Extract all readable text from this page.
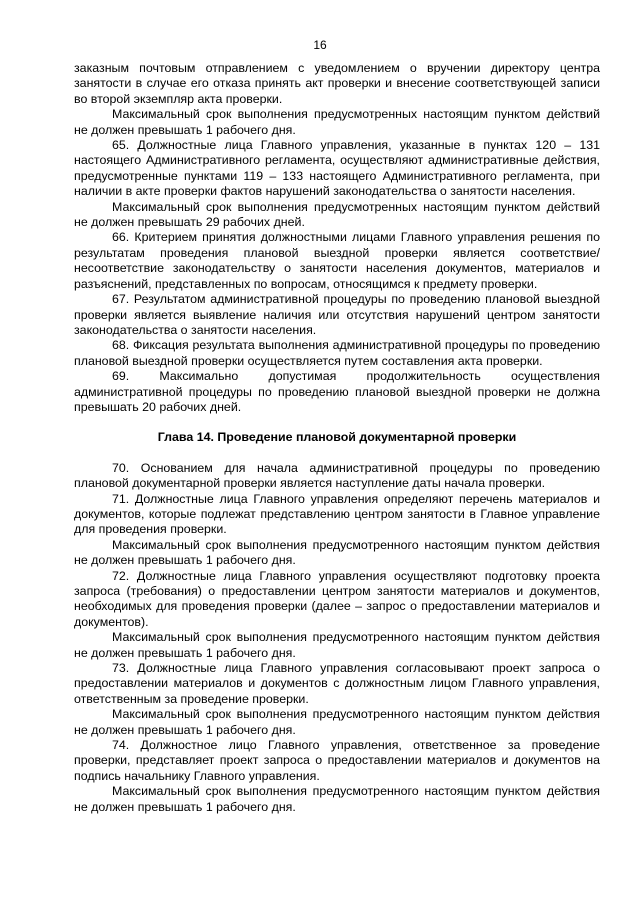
16

заказным почтовым отправлением с уведомлением о вручении директору центра занятости в случае его отказа принять акт проверки и внесение соответствующей записи во второй экземпляр акта проверки.

Максимальный срок выполнения предусмотренных настоящим пунктом действий не должен превышать 1 рабочего дня.

65. Должностные лица Главного управления, указанные в пунктах 120 – 131 настоящего Административного регламента, осуществляют административные действия, предусмотренные пунктами 119 – 133 настоящего Административного регламента, при наличии в акте проверки фактов нарушений законодательства о занятости населения.

Максимальный срок выполнения предусмотренных настоящим пунктом действий не должен превышать 29 рабочих дней.

66. Критерием принятия должностными лицами Главного управления решения по результатам проведения плановой выездной проверки является соответствие/несоответствие законодательству о занятости населения документов, материалов и разъяснений, представленных по вопросам, относящимся к предмету проверки.

67. Результатом административной процедуры по проведению плановой выездной проверки является выявление наличия или отсутствия нарушений центром занятости законодательства о занятости населения.

68. Фиксация результата выполнения административной процедуры по проведению плановой выездной проверки осуществляется путем составления акта проверки.

69. Максимально допустимая продолжительность осуществления административной процедуры по проведению плановой выездной проверки не должна превышать 20 рабочих дней.

Глава 14. Проведение плановой документарной проверки

70. Основанием для начала административной процедуры по проведению плановой документарной проверки является наступление даты начала проверки.

71. Должностные лица Главного управления определяют перечень материалов и документов, которые подлежат представлению центром занятости в Главное управление для проведения проверки.

Максимальный срок выполнения предусмотренного настоящим пунктом действия не должен превышать 1 рабочего дня.

72. Должностные лица Главного управления осуществляют подготовку проекта запроса (требования) о предоставлении центром занятости материалов и документов, необходимых для проведения проверки (далее – запрос о предоставлении материалов и документов).

Максимальный срок выполнения предусмотренного настоящим пунктом действия не должен превышать 1 рабочего дня.

73. Должностные лица Главного управления согласовывают проект запроса о предоставлении материалов и документов с должностным лицом Главного управления, ответственным за проведение проверки.

Максимальный срок выполнения предусмотренного настоящим пунктом действия не должен превышать 1 рабочего дня.

74. Должностное лицо Главного управления, ответственное за проведение проверки, представляет проект запроса о предоставлении материалов и документов на подпись начальнику Главного управления.

Максимальный срок выполнения предусмотренного настоящим пунктом действия не должен превышать 1 рабочего дня.
